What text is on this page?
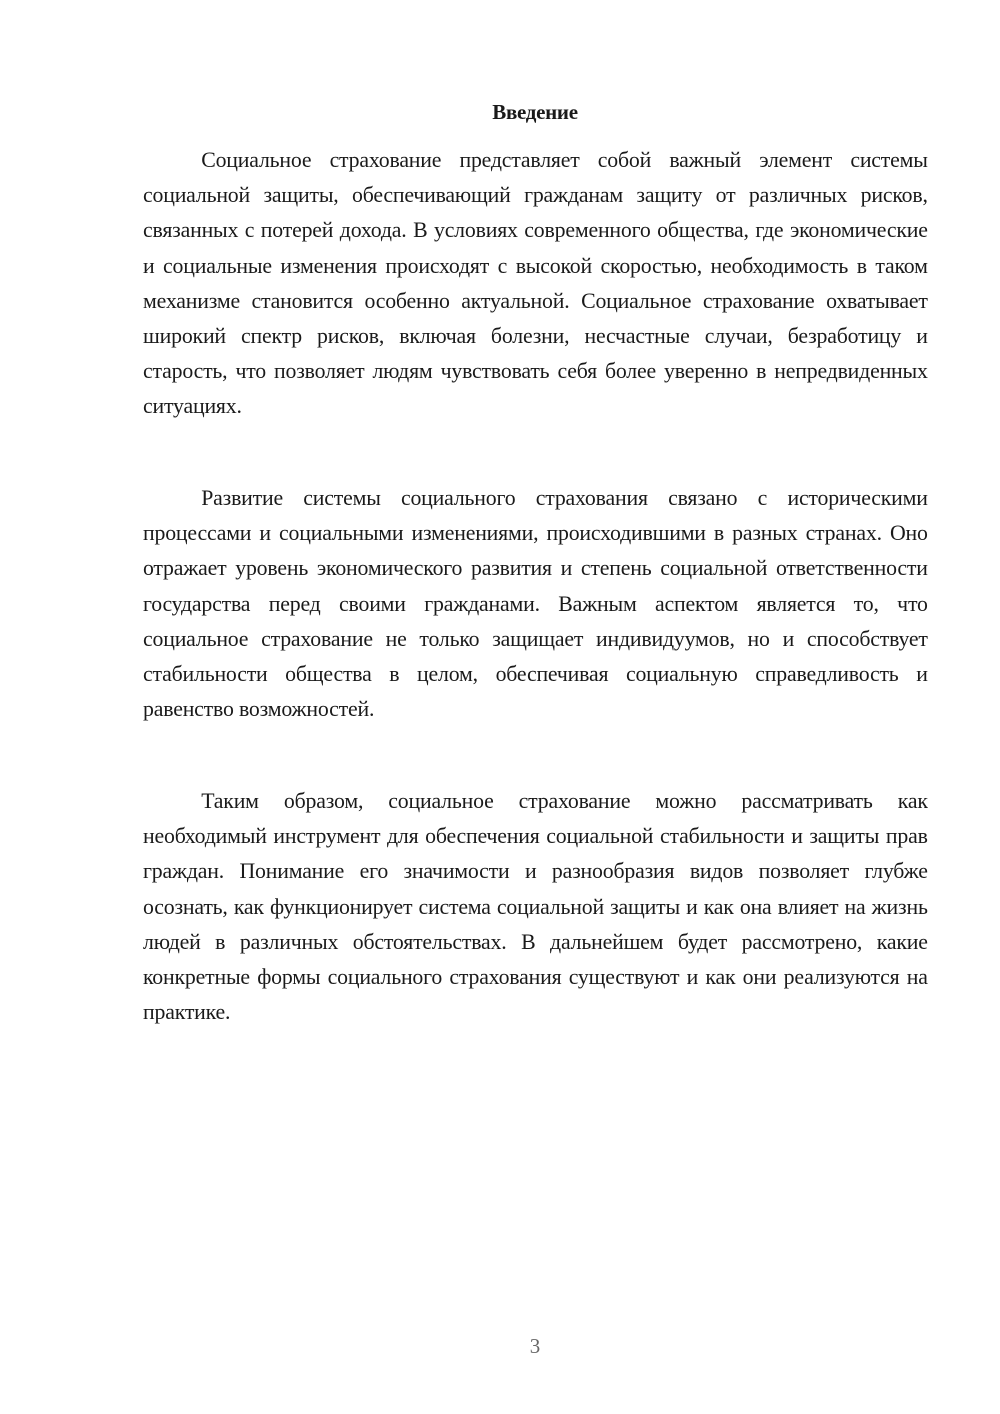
Введение

Социальное страхование представляет собой важный элемент системы социальной защиты, обеспечивающий гражданам защиту от различных рисков, связанных с потерей дохода. В условиях современного общества, где экономические и социальные изменения происходят с высокой скоростью, необходимость в таком механизме становится особенно актуальной. Социальное страхование охватывает широкий спектр рисков, включая болезни, несчастные случаи, безработицу и старость, что позволяет людям чувствовать себя более уверенно в непредвиденных ситуациях.

Развитие системы социального страхования связано с историческими процессами и социальными изменениями, происходившими в разных странах. Оно отражает уровень экономического развития и степень социальной ответственности государства перед своими гражданами. Важным аспектом является то, что социальное страхование не только защищает индивидуумов, но и способствует стабильности общества в целом, обеспечивая социальную справедливость и равенство возможностей.

Таким образом, социальное страхование можно рассматривать как необходимый инструмент для обеспечения социальной стабильности и защиты прав граждан. Понимание его значимости и разнообразия видов позволяет глубже осознать, как функционирует система социальной защиты и как она влияет на жизнь людей в различных обстоятельствах. В дальнейшем будет рассмотрено, какие конкретные формы социального страхования существуют и как они реализуются на практике.

3
